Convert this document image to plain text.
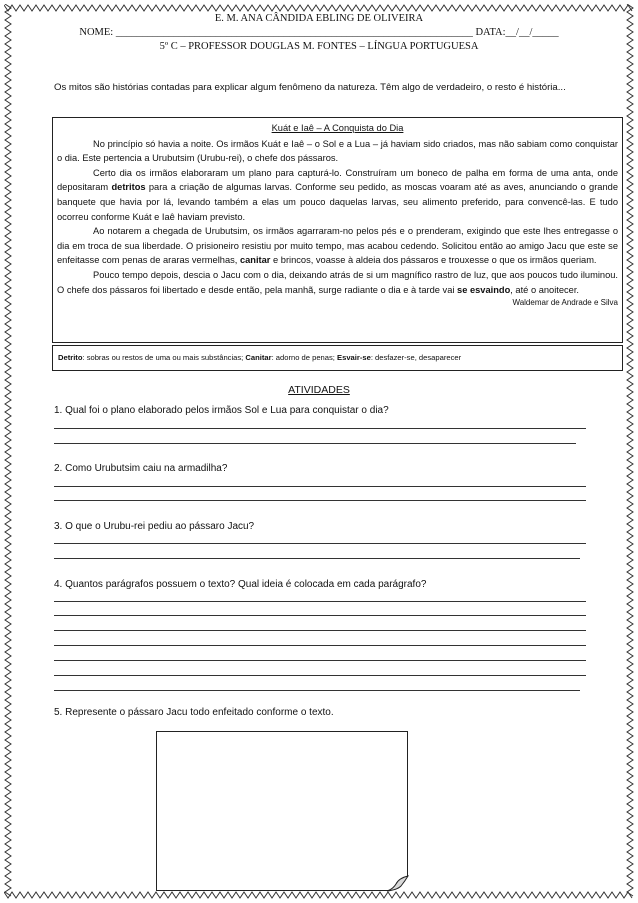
E. M. ANA CÂNDIDA EBLING DE OLIVEIRA
NOME: ____________________________________________________________________ DATA:__/__/_____
5º C – PROFESSOR DOUGLAS M. FONTES – LÍNGUA PORTUGUESA
Os mitos são histórias contadas para explicar algum fenômeno da natureza. Têm algo de verdadeiro, o resto é história...
Kuát e Iaê – A Conquista do Dia

No princípio só havia a noite. Os irmãos Kuát e Iaê – o Sol e a Lua – já haviam sido criados, mas não sabiam como conquistar o dia. Este pertencia a Urubutsim (Urubu-rei), o chefe dos pássaros.

Certo dia os irmãos elaboraram um plano para capturá-lo. Construíram um boneco de palha em forma de uma anta, onde depositaram detritos para a criação de algumas larvas. Conforme seu pedido, as moscas voaram até as aves, anunciando o grande banquete que havia por lá, levando também a elas um pouco daquelas larvas, seu alimento preferido, para convencê-las. E tudo ocorreu conforme Kuát e Iaê haviam previsto.

Ao notarem a chegada de Urubutsim, os irmãos agarraram-no pelos pés e o prenderam, exigindo que este lhes entregasse o dia em troca de sua liberdade. O prisioneiro resistiu por muito tempo, mas acabou cedendo. Solicitou então ao amigo Jacu que este se enfeitasse com penas de araras vermelhas, canitar e brincos, voasse à aldeia dos pássaros e trouxesse o que os irmãos queriam.

Pouco tempo depois, descia o Jacu com o dia, deixando atrás de si um magnífico rastro de luz, que aos poucos tudo iluminou. O chefe dos pássaros foi libertado e desde então, pela manhã, surge radiante o dia e à tarde vai se esvaindo, até o anoitecer.

Waldemar de Andrade e Silva
Detrito: sobras ou restos de uma ou mais substâncias; Canitar: adorno de penas; Esvair-se: desfazer-se, desaparecer
ATIVIDADES
1. Qual foi o plano elaborado pelos irmãos Sol e Lua para conquistar o dia?
2. Como Urubutsim caiu na armadilha?
3. O que o Urubu-rei pediu ao pássaro Jacu?
4. Quantos parágrafos possuem o texto? Qual ideia é colocada em cada parágrafo?
5. Represente o pássaro Jacu todo enfeitado conforme o texto.
